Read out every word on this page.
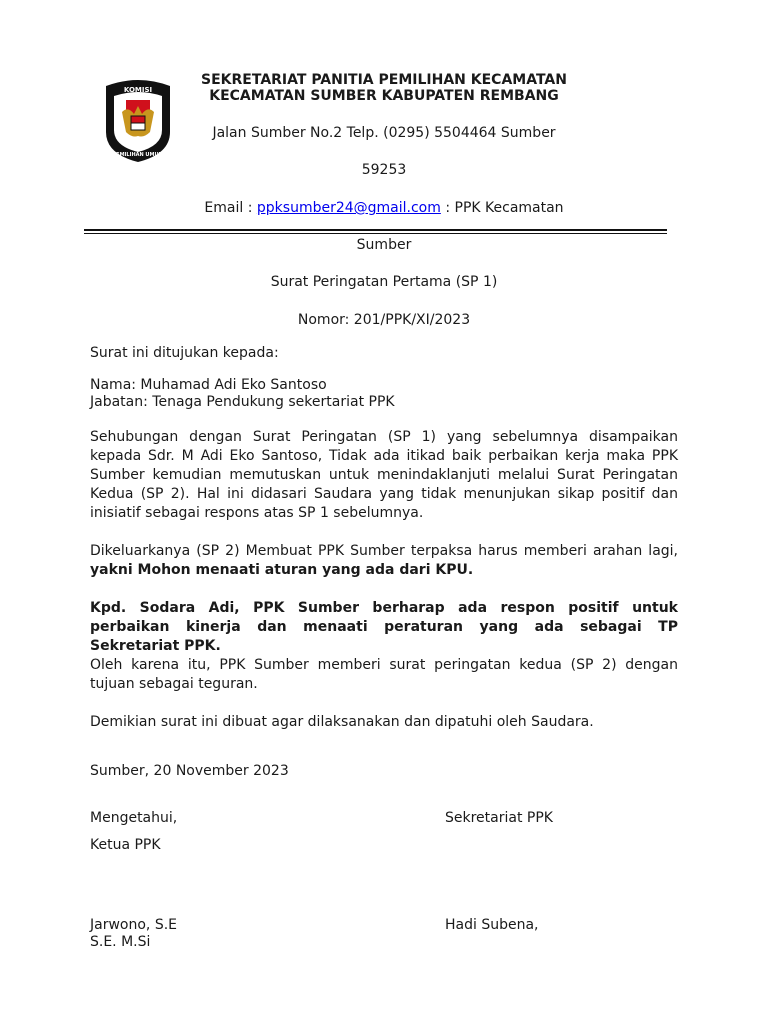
KOMISI
PEMILIHAN UMUM
SEKRETARIAT PANITIA PEMILIHAN KECAMATAN
KECAMATAN SUMBER KABUPATEN REMBANG
Jalan Sumber No.2 Telp. (0295) 5504464 Sumber
59253
Email : ppksumber24@gmail.com : PPK Kecamatan
Sumber
Surat Peringatan Pertama (SP 1)
Nomor: 201/PPK/XI/2023
Surat ini ditujukan kepada:
Nama: Muhamad Adi Eko Santoso
Jabatan: Tenaga Pendukung sekertariat PPK
Sehubungan dengan Surat Peringatan (SP 1) yang sebelumnya disampaikan kepada Sdr. M Adi Eko Santoso, Tidak ada itikad baik perbaikan kerja maka PPK Sumber kemudian memutuskan untuk menindaklanjuti melalui Surat Peringatan Kedua (SP 2). Hal ini didasari Saudara yang tidak menunjukan sikap positif dan inisiatif sebagai respons atas SP 1 sebelumnya.
Dikeluarkanya (SP 2) Membuat PPK Sumber terpaksa harus memberi arahan lagi, yakni Mohon menaati aturan yang ada dari KPU.
Kpd. Sodara Adi, PPK Sumber berharap ada respon positif untuk perbaikan kinerja dan menaati peraturan yang ada sebagai TP Sekretariat PPK.
Oleh karena itu, PPK Sumber memberi surat peringatan kedua (SP 2) dengan tujuan sebagai teguran.
Demikian surat ini dibuat agar dilaksanakan dan dipatuhi oleh Saudara.
Sumber, 20 November 2023
Mengetahui,	Sekretariat PPK
Ketua PPK
Jarwono, S.E	Hadi Subena,
S.E. M.Si
